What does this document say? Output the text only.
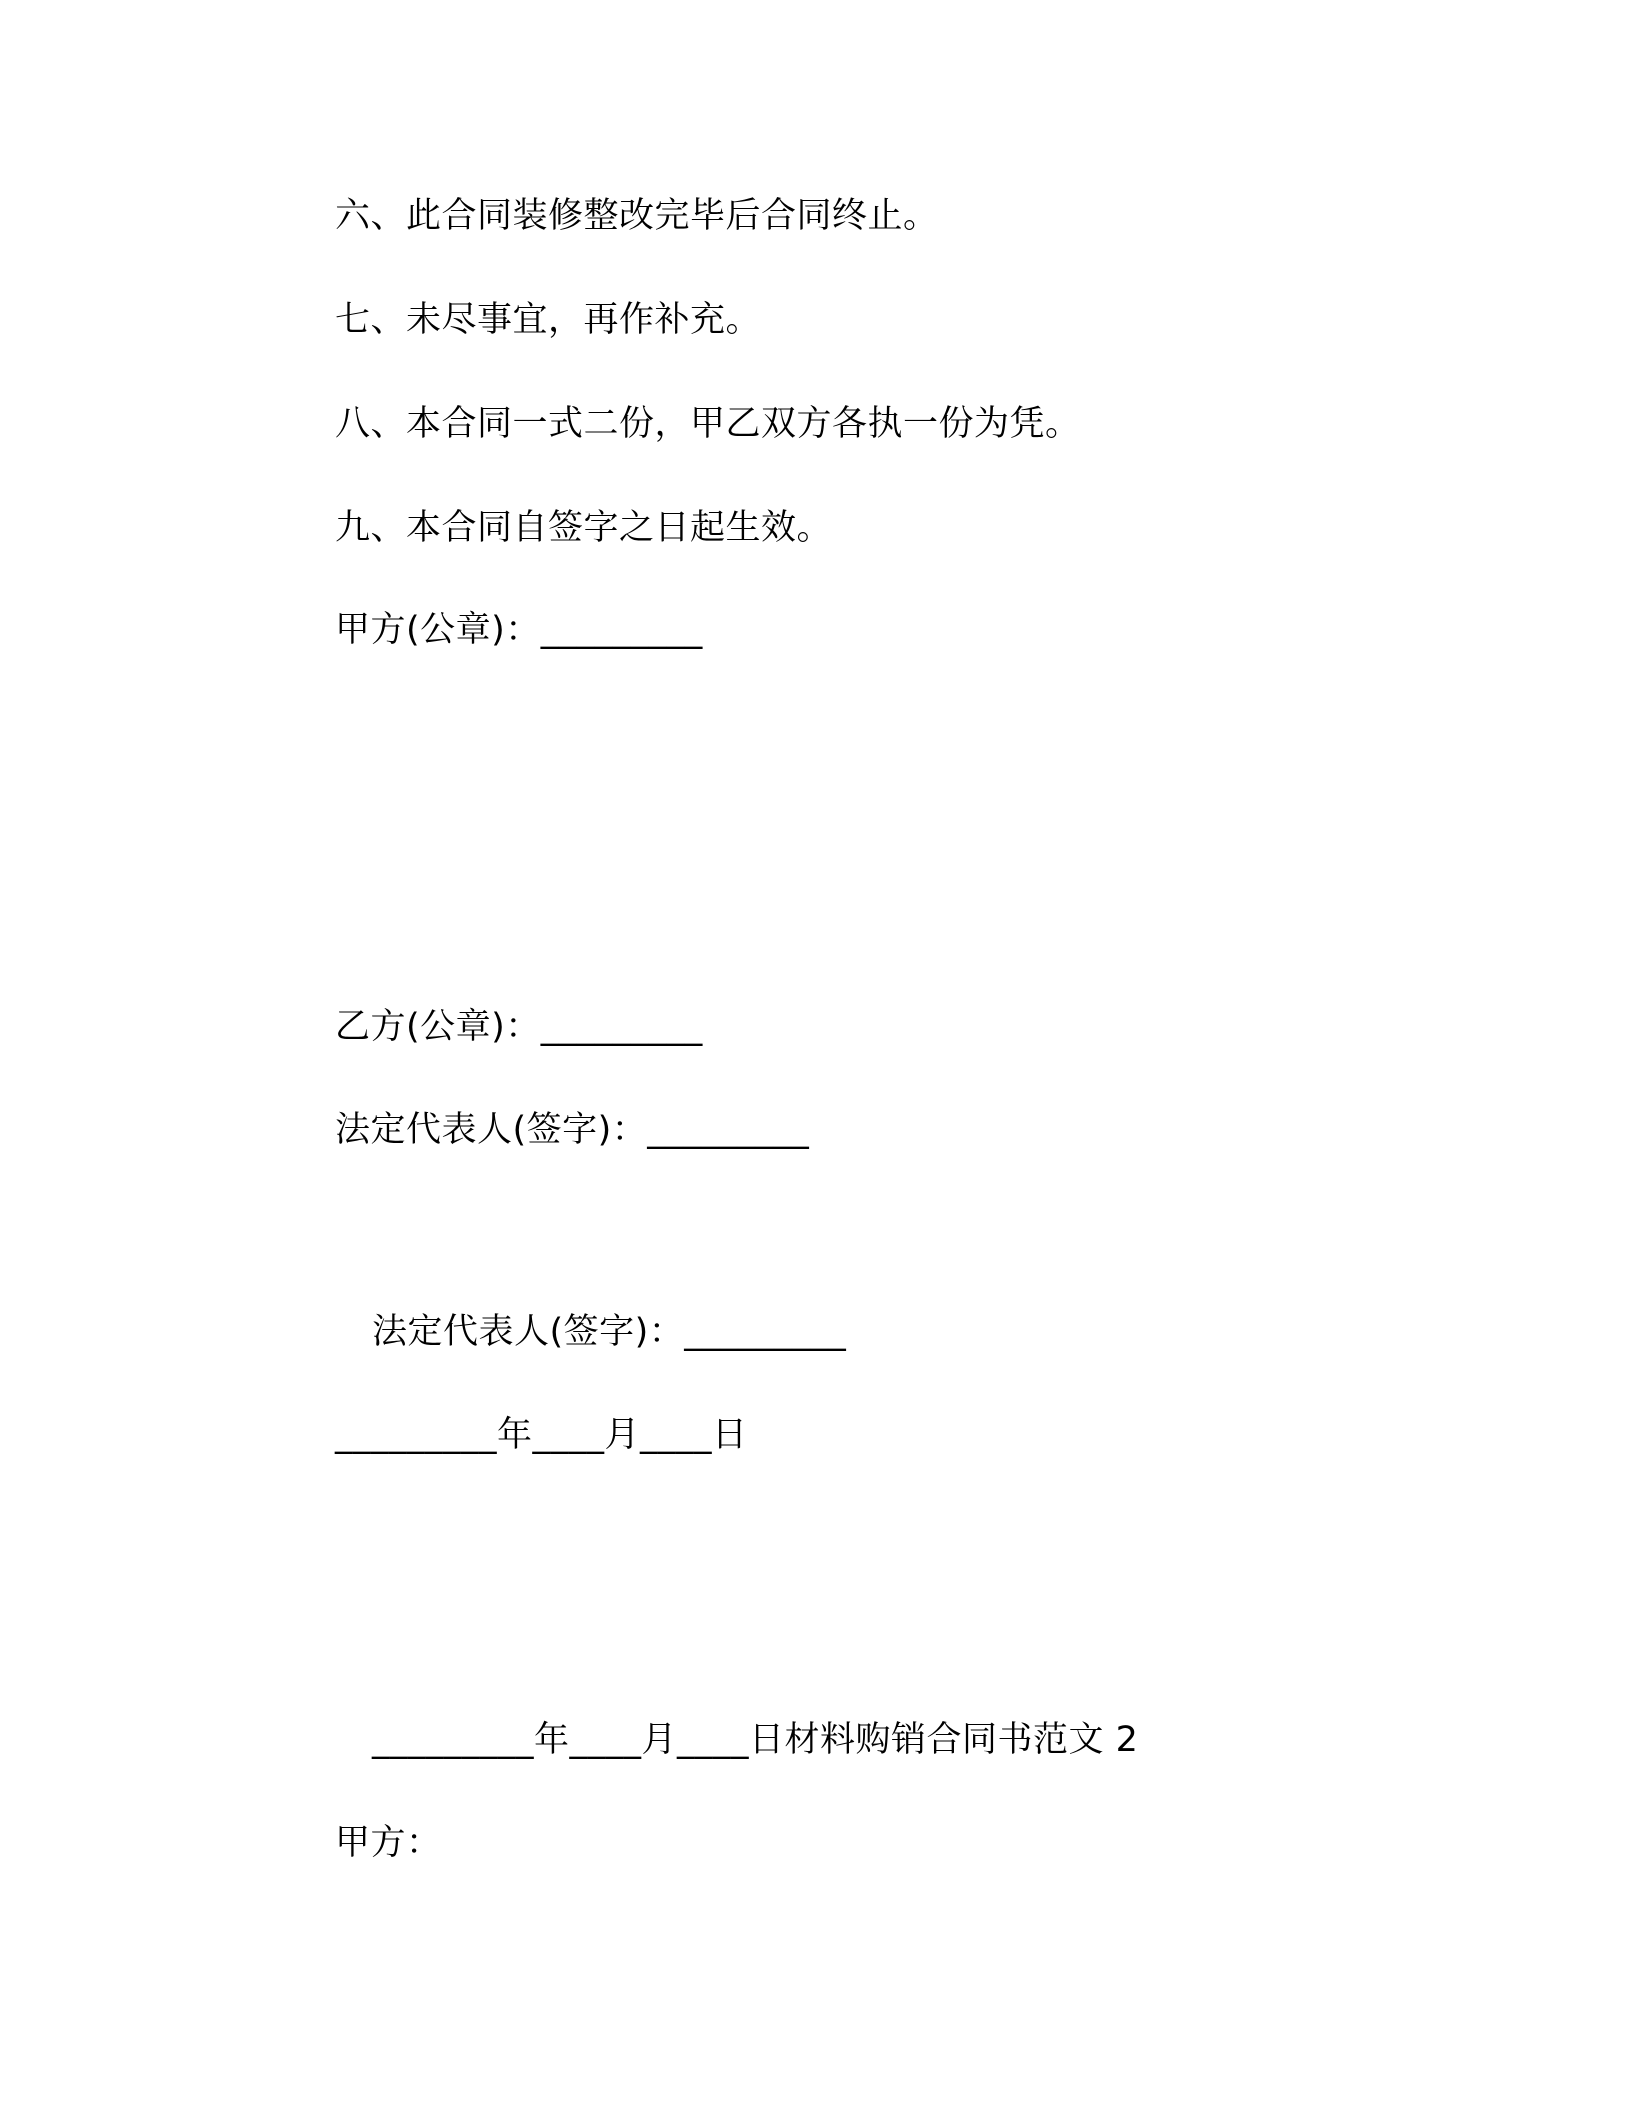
六、此合同装修整改完毕后合同终止。
七、未尽事宜，再作补充。
八、本合同一式二份，甲乙双方各执一份为凭。
九、本合同自签字之日起生效。
甲方(公章)：_________
乙方(公章)：_________
法定代表人(签字)：_________
法定代表人(签字)：_________
_________年____月____日
_________年____月____日材料购销合同书范文 2
甲方：
